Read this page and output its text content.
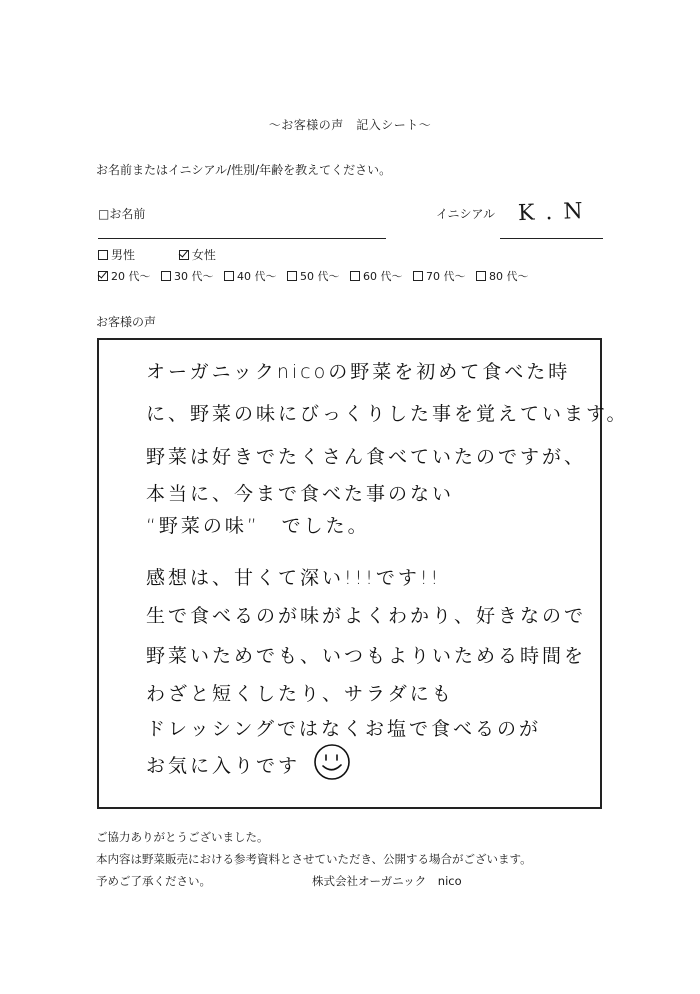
〜お客様の声　記入シート〜
お名前またはイニシアル/性別/年齢を教えてください。
□お名前	イニシアル K . N
男性	女性
20 代〜 30 代〜 40 代〜 50 代〜 60 代〜 70 代〜 80 代〜
お客様の声
オーガニックnicoの野菜を初めて食べた時
に、野菜の味にびっくりした事を覚えています。
野菜は好きでたくさん食べていたのですが、
本当に、今まで食べた事のない
“野菜の味”　でした。
感想は、甘くて深い!!!です!!
生で食べるのが味がよくわかり、好きなので
野菜いためでも、いつもよりいためる時間を
わざと短くしたり、サラダにも
ドレッシングではなくお塩で食べるのが
お気に入りです
ご協力ありがとうございました。
本内容は野菜販売における参考資料とさせていただき、公開する場合がございます。
予めご了承ください。	株式会社オーガニック　nico
